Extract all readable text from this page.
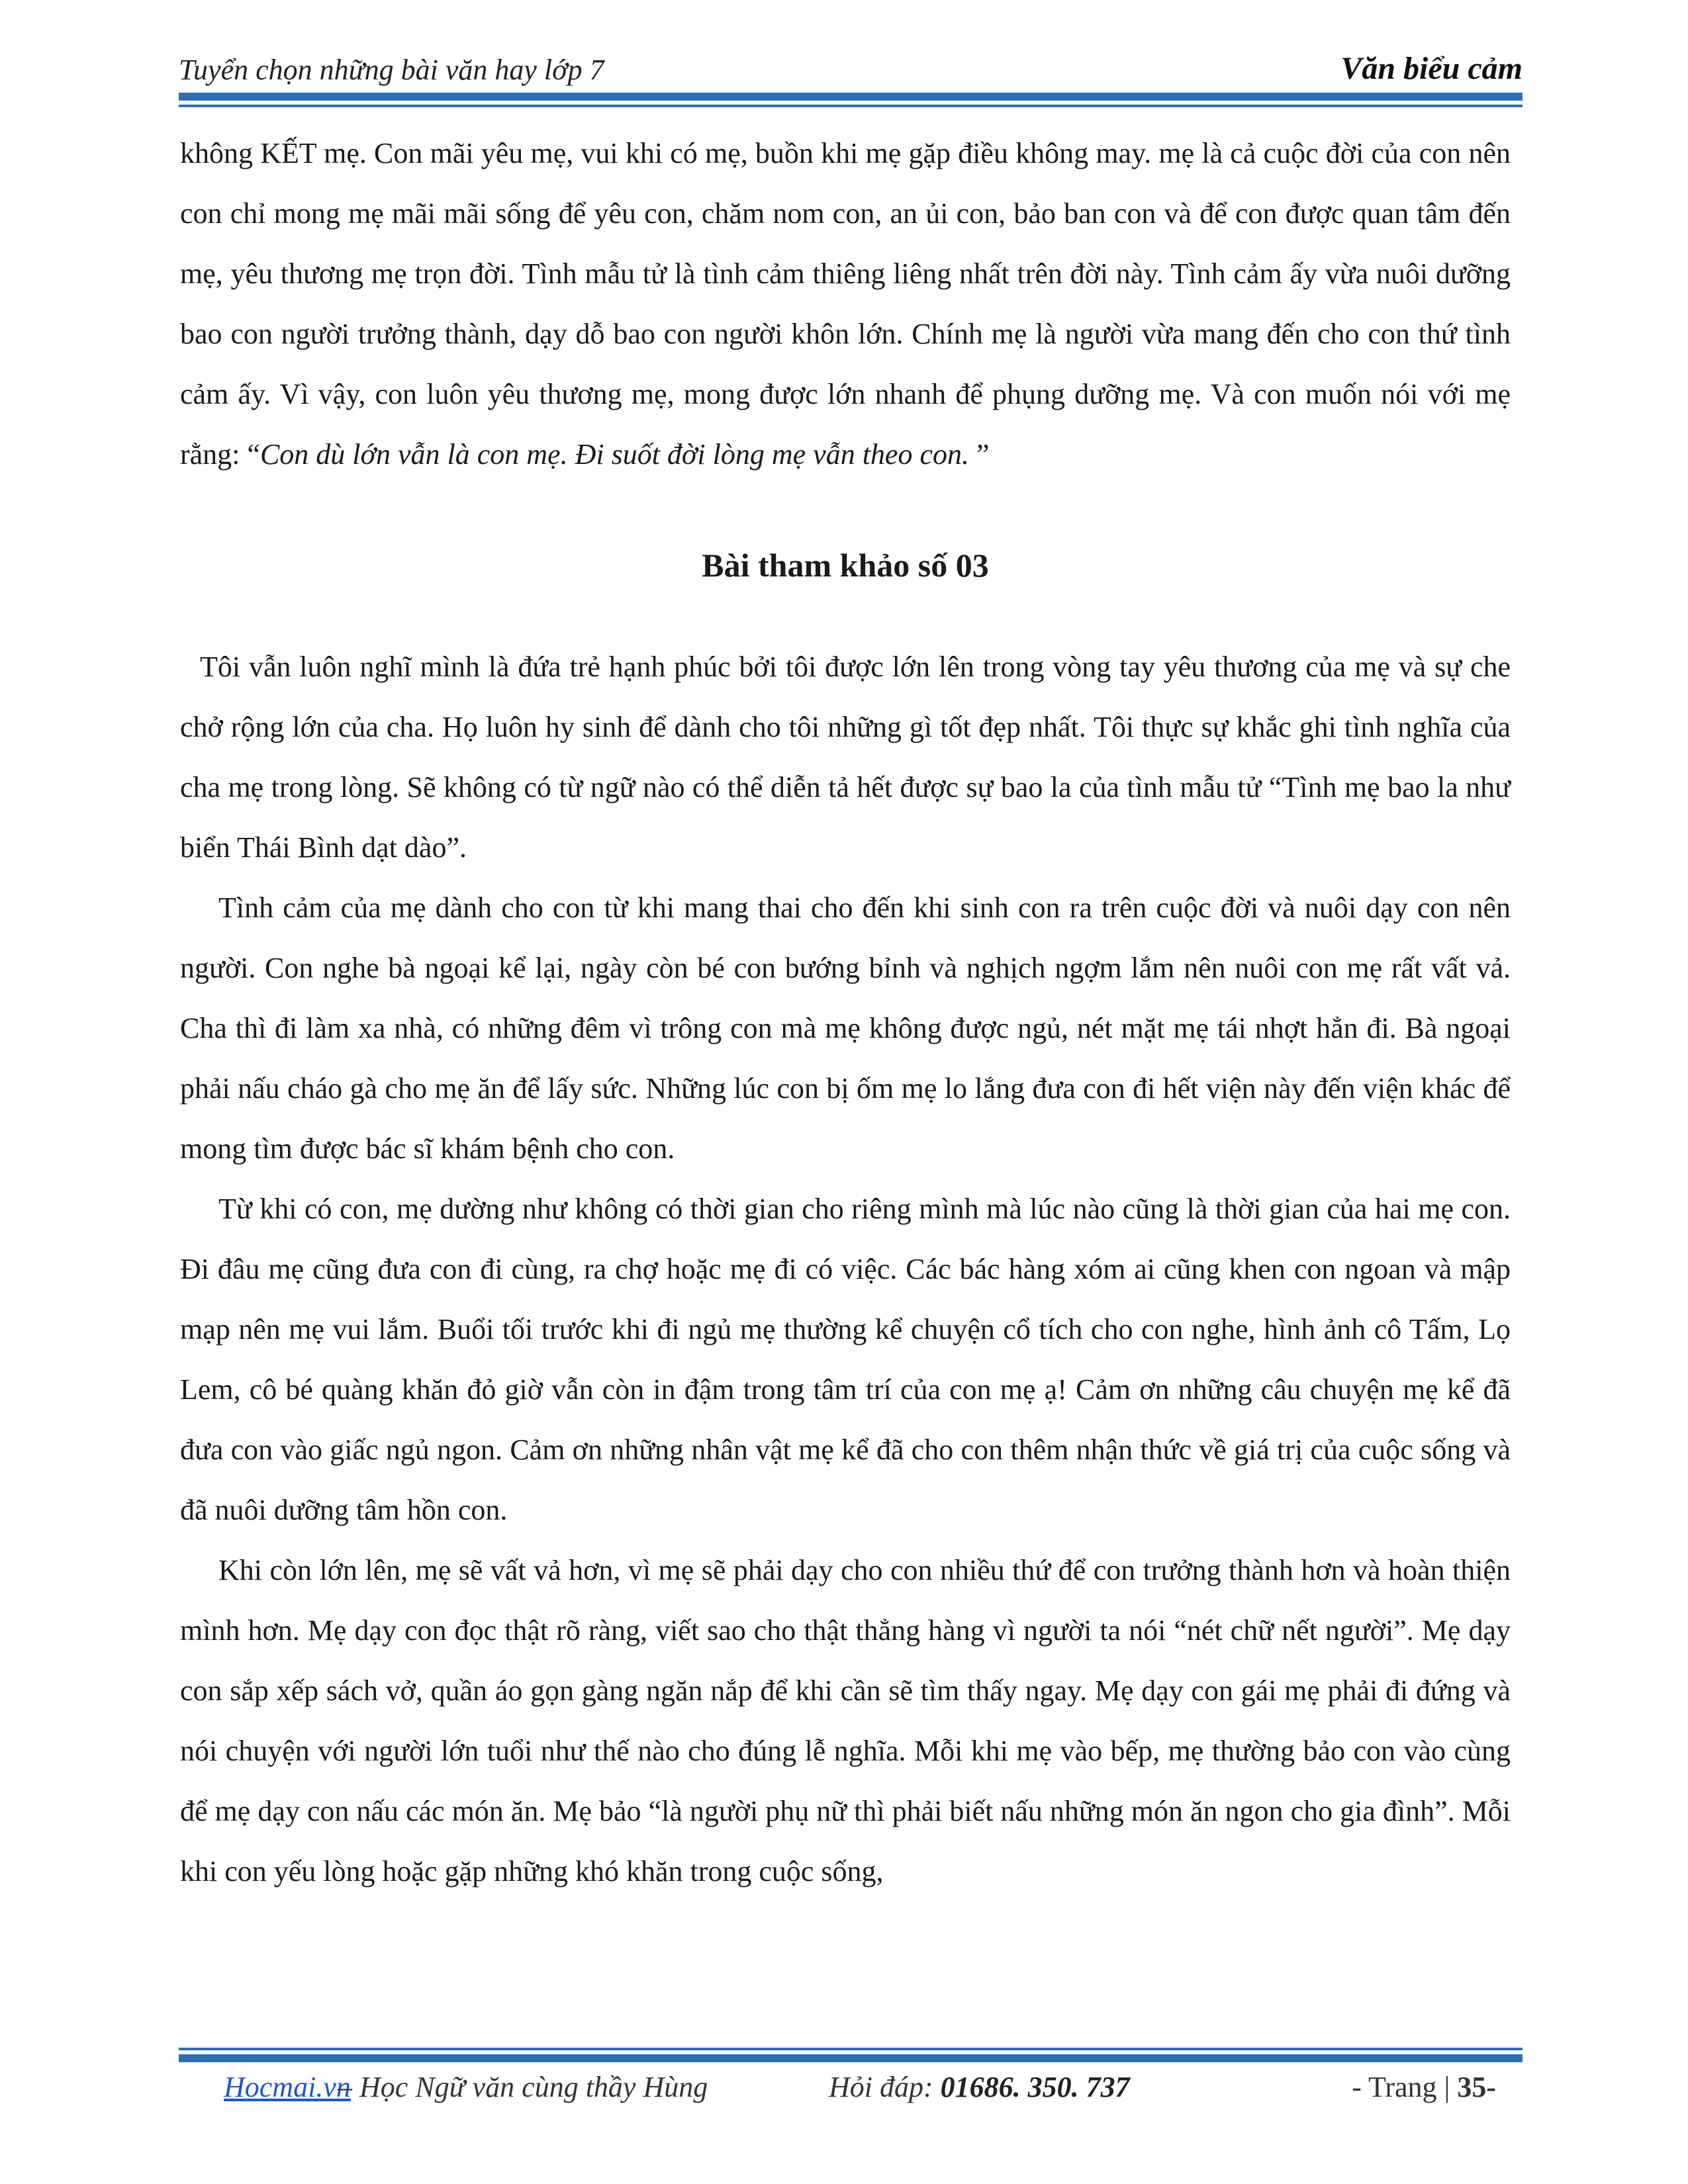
Tuyển chọn những bài văn hay lớp 7	Văn biểu cảm

không KẾT mẹ. Con mãi yêu mẹ, vui khi có mẹ, buồn khi mẹ gặp điều không may. mẹ là cả cuộc đời của con nên con chỉ mong mẹ mãi mãi sống để yêu con, chăm nom con, an ủi con, bảo ban con và để con được quan tâm đến mẹ, yêu thương mẹ trọn đời. Tình mẫu tử là tình cảm thiêng liêng nhất trên đời này. Tình cảm ấy vừa nuôi dưỡng bao con người trưởng thành, dạy dỗ bao con người khôn lớn. Chính mẹ là người vừa mang đến cho con thứ tình cảm ấy. Vì vậy, con luôn yêu thương mẹ, mong được lớn nhanh để phụng dưỡng mẹ. Và con muốn nói với mẹ rằng: “Con dù lớn vẫn là con mẹ. Đi suốt đời lòng mẹ vẫn theo con. ”

Bài tham khảo số 03

Tôi vẫn luôn nghĩ mình là đứa trẻ hạnh phúc bởi tôi được lớn lên trong vòng tay yêu thương của mẹ và sự che chở rộng lớn của cha. Họ luôn hy sinh để dành cho tôi những gì tốt đẹp nhất. Tôi thực sự khắc ghi tình nghĩa của cha mẹ trong lòng. Sẽ không có từ ngữ nào có thể diễn tả hết được sự bao la của tình mẫu tử “Tình mẹ bao la như biển Thái Bình dạt dào”.

Tình cảm của mẹ dành cho con từ khi mang thai cho đến khi sinh con ra trên cuộc đời và nuôi dạy con nên người. Con nghe bà ngoại kể lại, ngày còn bé con bướng bỉnh và nghịch ngợm lắm nên nuôi con mẹ rất vất vả. Cha thì đi làm xa nhà, có những đêm vì trông con mà mẹ không được ngủ, nét mặt mẹ tái nhợt hẳn đi. Bà ngoại phải nấu cháo gà cho mẹ ăn để lấy sức. Những lúc con bị ốm mẹ lo lắng đưa con đi hết viện này đến viện khác để mong tìm được bác sĩ khám bệnh cho con.

Từ khi có con, mẹ dường như không có thời gian cho riêng mình mà lúc nào cũng là thời gian của hai mẹ con. Đi đâu mẹ cũng đưa con đi cùng, ra chợ hoặc mẹ đi có việc. Các bác hàng xóm ai cũng khen con ngoan và mập mạp nên mẹ vui lắm. Buổi tối trước khi đi ngủ mẹ thường kể chuyện cổ tích cho con nghe, hình ảnh cô Tấm, Lọ Lem, cô bé quàng khăn đỏ giờ vẫn còn in đậm trong tâm trí của con mẹ ạ! Cảm ơn những câu chuyện mẹ kể đã đưa con vào giấc ngủ ngon. Cảm ơn những nhân vật mẹ kể đã cho con thêm nhận thức về giá trị của cuộc sống và đã nuôi dưỡng tâm hồn con.

Khi còn lớn lên, mẹ sẽ vất vả hơn, vì mẹ sẽ phải dạy cho con nhiều thứ để con trưởng thành hơn và hoàn thiện mình hơn. Mẹ dạy con đọc thật rõ ràng, viết sao cho thật thẳng hàng vì người ta nói “nét chữ nết người”. Mẹ dạy con sắp xếp sách vở, quần áo gọn gàng ngăn nắp để khi cần sẽ tìm thấy ngay. Mẹ dạy con gái mẹ phải đi đứng và nói chuyện với người lớn tuổi như thế nào cho đúng lễ nghĩa. Mỗi khi mẹ vào bếp, mẹ thường bảo con vào cùng để mẹ dạy con nấu các món ăn. Mẹ bảo “là người phụ nữ thì phải biết nấu những món ăn ngon cho gia đình”. Mỗi khi con yếu lòng hoặc gặp những khó khăn trong cuộc sống,

Hocmai.vn
– Học Ngữ văn cùng thầy Hùng	Hỏi đáp: 01686. 350. 737	- Trang | 35-
